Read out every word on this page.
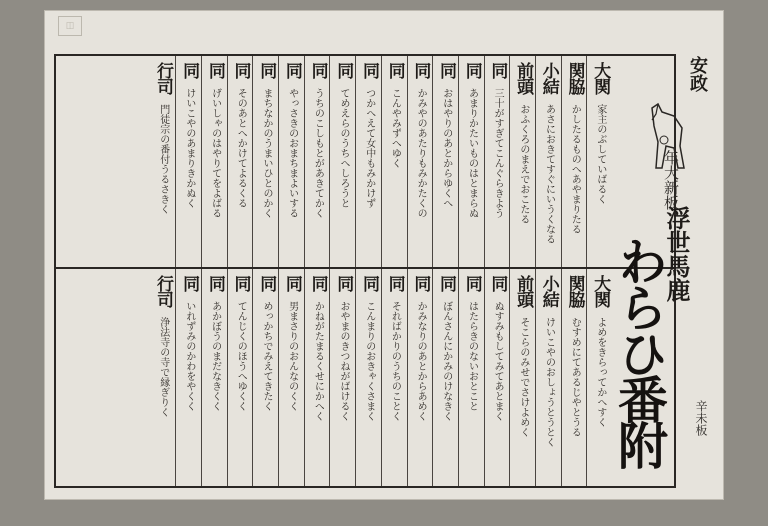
◫
安政
年大新板
辛未板
大関
家主のぶしていばるく
関脇
かしたるものへあやまりたる
小結
あさにおきてすぐにいうくなる
前頭
おふくろのまえでおこたる
同
三十がすぎてこんぐらきよう
同
あまりかたいものはとまらぬ
同
おはやりのあとからゆくへ
同
かみやのあたりもみかたくの
同
こんやみずへゆく
同
つかへえて女中もみかけず
同
てめえらのうちへしろうと
同
うちのこしもとがあきてかく
同
やっさきのおまちまよいする
同
まちなかのうまいひとのかく
同
そのあとへかけてよるくる
同
げいしゃのはやりてをよばる
同
けいこやのあまりきかぬく
行司
門徒宗の番付うるさきく
大関
よめをきらってかへすく
関脇
むすめにてあるじやとうる
小結
けいこやのおしょうとうとく
前頭
そこらのみせでさけよめく
同
ぬすみもしてみてあとまく
同
はたらきのないおとこと
同
ぼんさんにかみのけなきく
同
かみなりのあとからあめく
同
そればかりのうちのことく
同
こんまりのおきゃくさまく
同
おやまのきつねがばけるく
同
かねがたまるくせにかへく
同
男まさりのおんなのくく
同
めっかちでみえてきたく
同
てんじくのほうへゆくく
同
あかぼうのまだなきくく
同
いれずみのかわをやくく
行司
浄法寺の寺で縁ぎりく
浮世馬鹿
わらひ番附
